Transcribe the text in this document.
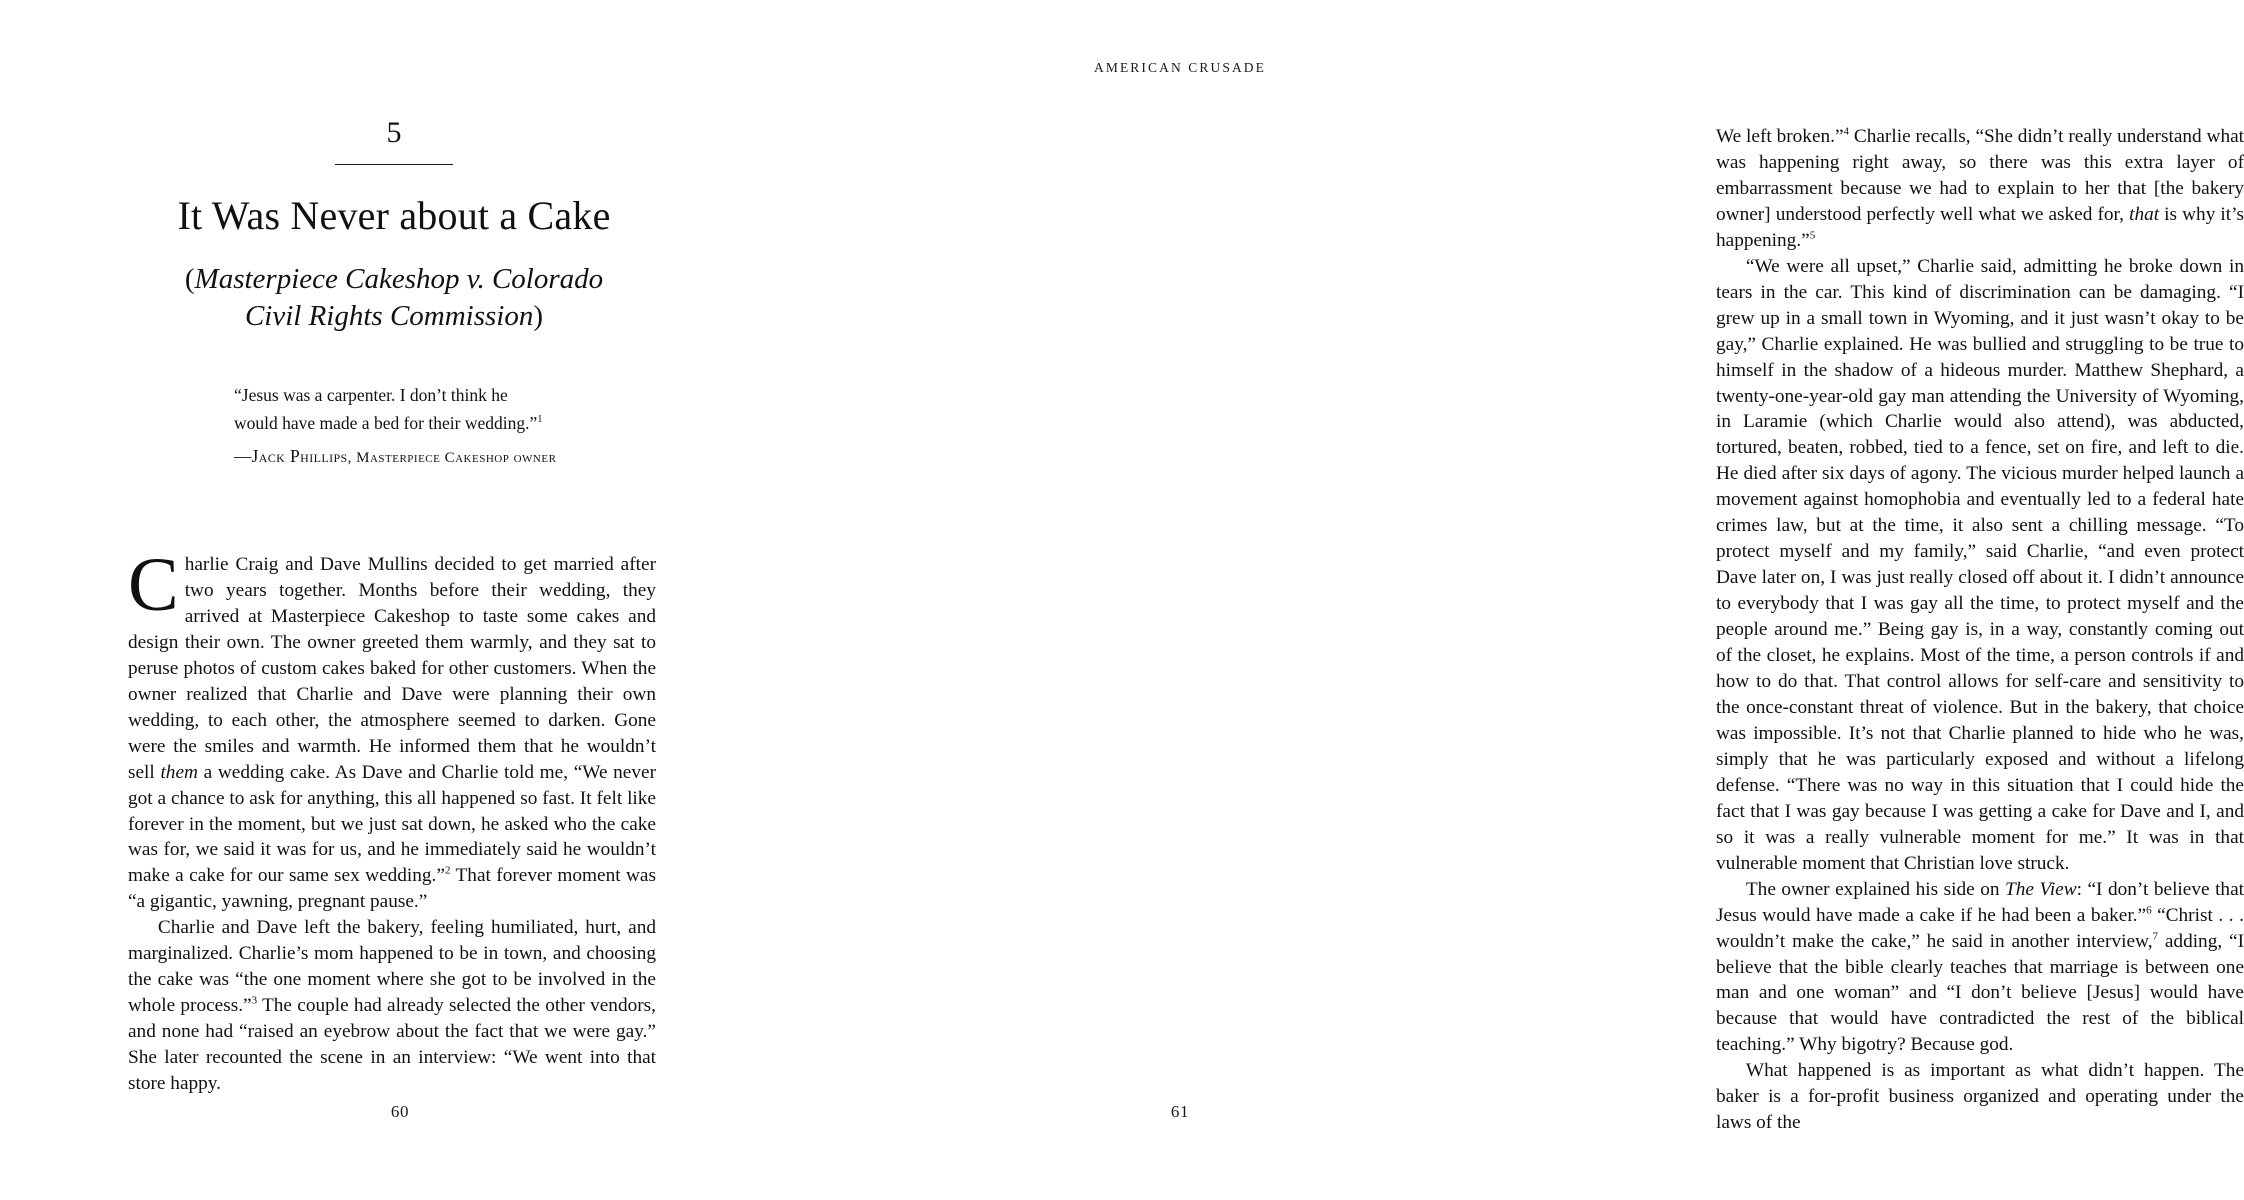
5
It Was Never about a Cake
(Masterpiece Cakeshop v. Colorado
Civil Rights Commission)
“Jesus was a carpenter. I don’t think he
would have made a bed for their wedding.”$^1$
—Jack Phillips, Masterpiece Cakeshop owner

Charlie Craig and Dave Mullins decided to get married after two years together. Months before their wedding, they arrived at Masterpiece Cakeshop to taste some cakes and design their own. The owner greeted them warmly, and they sat to peruse photos of custom cakes baked for other customers. When the owner realized that Charlie and Dave were planning their own wedding, to each other, the atmosphere seemed to darken. Gone were the smiles and warmth. He informed them that he wouldn’t sell them a wedding cake. As Dave and Charlie told me, “We never got a chance to ask for anything, this all happened so fast. It felt like forever in the moment, but we just sat down, he asked who the cake was for, we said it was for us, and he immediately said he wouldn’t make a cake for our same sex wedding.”$^2$ That forever moment was “a gigantic, yawning, pregnant pause.”

Charlie and Dave left the bakery, feeling humiliated, hurt, and marginalized. Charlie’s mom happened to be in town, and choosing the cake was “the one moment where she got to be involved in the whole process.”$^3$ The couple had already selected the other vendors, and none had “raised an eyebrow about the fact that we were gay.” She later recounted the scene in an interview: “We went into that store happy.

60
AMERICAN CRUSADE

We left broken.”$^4$ Charlie recalls, “She didn’t really understand what was happening right away, so there was this extra layer of embarrassment because we had to explain to her that [the bakery owner] understood perfectly well what we asked for, that is why it’s happening.”$^5$

“We were all upset,” Charlie said, admitting he broke down in tears in the car. This kind of discrimination can be damaging. “I grew up in a small town in Wyoming, and it just wasn’t okay to be gay,” Charlie explained. He was bullied and struggling to be true to himself in the shadow of a hideous murder. Matthew Shephard, a twenty-one-year-old gay man attending the University of Wyoming, in Laramie (which Charlie would also attend), was abducted, tortured, beaten, robbed, tied to a fence, set on fire, and left to die. He died after six days of agony. The vicious murder helped launch a movement against homophobia and eventually led to a federal hate crimes law, but at the time, it also sent a chilling message. “To protect myself and my family,” said Charlie, “and even protect Dave later on, I was just really closed off about it. I didn’t announce to everybody that I was gay all the time, to protect myself and the people around me.” Being gay is, in a way, constantly coming out of the closet, he explains. Most of the time, a person controls if and how to do that. That control allows for self-care and sensitivity to the once-constant threat of violence. But in the bakery, that choice was impossible. It’s not that Charlie planned to hide who he was, simply that he was particularly exposed and without a lifelong defense. “There was no way in this situation that I could hide the fact that I was gay because I was getting a cake for Dave and I, and so it was a really vulnerable moment for me.” It was in that vulnerable moment that Christian love struck.

The owner explained his side on The View: “I don’t believe that Jesus would have made a cake if he had been a baker.”$^6$ “Christ . . . wouldn’t make the cake,” he said in another interview,$^7$ adding, “I believe that the bible clearly teaches that marriage is between one man and one woman” and “I don’t believe [Jesus] would have because that would have contradicted the rest of the biblical teaching.” Why bigotry? Because god.

What happened is as important as what didn’t happen. The baker is a for-profit business organized and operating under the laws of the

61
